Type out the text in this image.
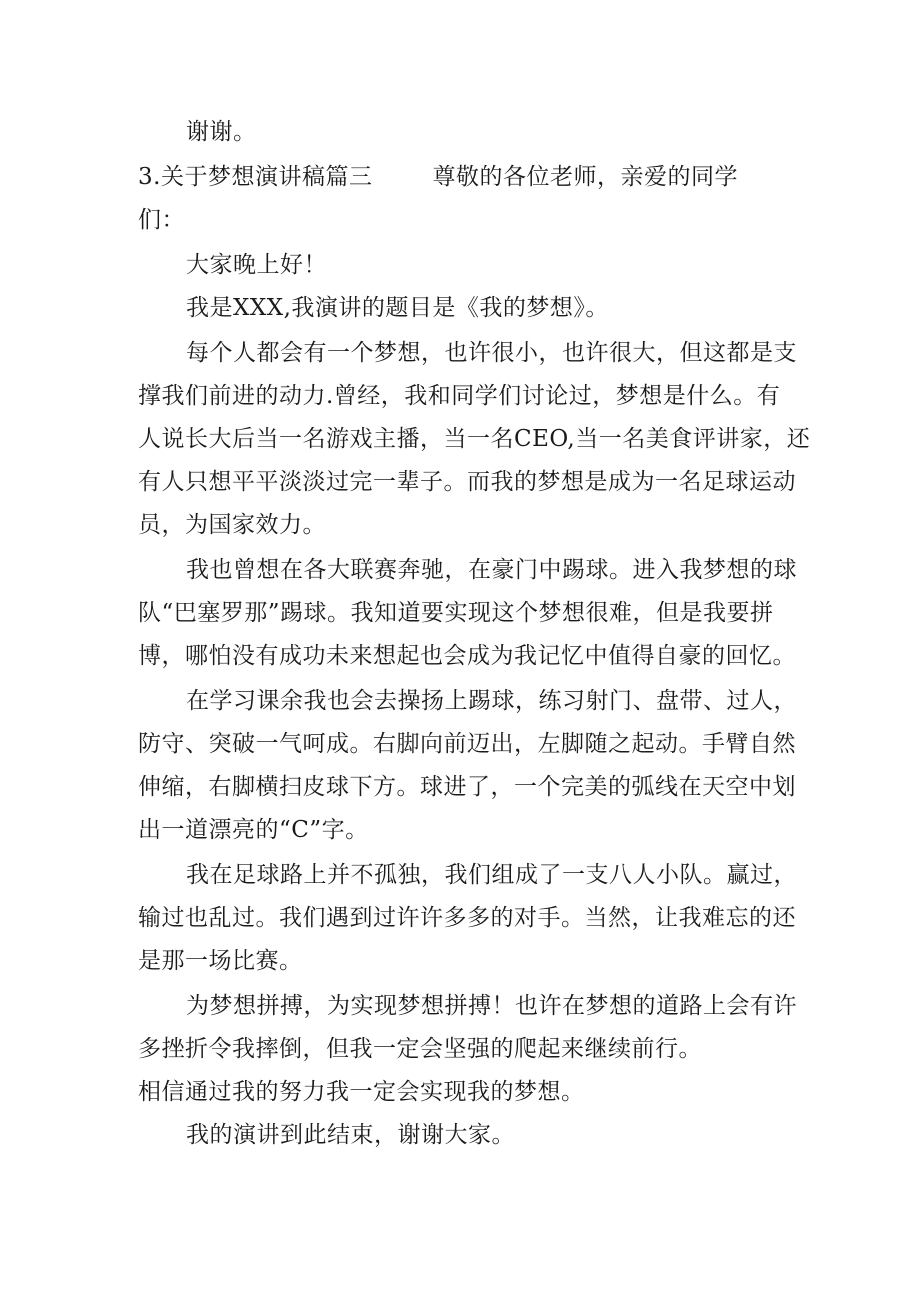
谢谢。
3.关于梦想演讲稿篇三	尊敬的各位老师，亲爱的同学
们：
大家晚上好！
我是XXX,我演讲的题目是《我的梦想》。
每个人都会有一个梦想，也许很小，也许很大，但这都是支
撑我们前进的动力.曾经，我和同学们讨论过，梦想是什么。有
人说长大后当一名游戏主播，当一名CEO,当一名美食评讲家，还
有人只想平平淡淡过完一辈子。而我的梦想是成为一名足球运动
员，为国家效力。
我也曾想在各大联赛奔驰，在豪门中踢球。进入我梦想的球
队“巴塞罗那”踢球。我知道要实现这个梦想很难，但是我要拼
博，哪怕没有成功未来想起也会成为我记忆中值得自豪的回忆。
在学习课余我也会去操扬上踢球，练习射门、盘带、过人，
防守、突破一气呵成。右脚向前迈出，左脚随之起动。手臂自然
伸缩，右脚横扫皮球下方。球进了，一个完美的弧线在天空中划
出一道漂亮的“C”字。
我在足球路上并不孤独，我们组成了一支八人小队。赢过，
输过也乱过。我们遇到过许许多多的对手。当然，让我难忘的还
是那一场比赛。
为梦想拼搏，为实现梦想拼搏！也许在梦想的道路上会有许
多挫折令我摔倒，但我一定会坚强的爬起来继续前行。
相信通过我的努力我一定会实现我的梦想。
我的演讲到此结束，谢谢大家。
